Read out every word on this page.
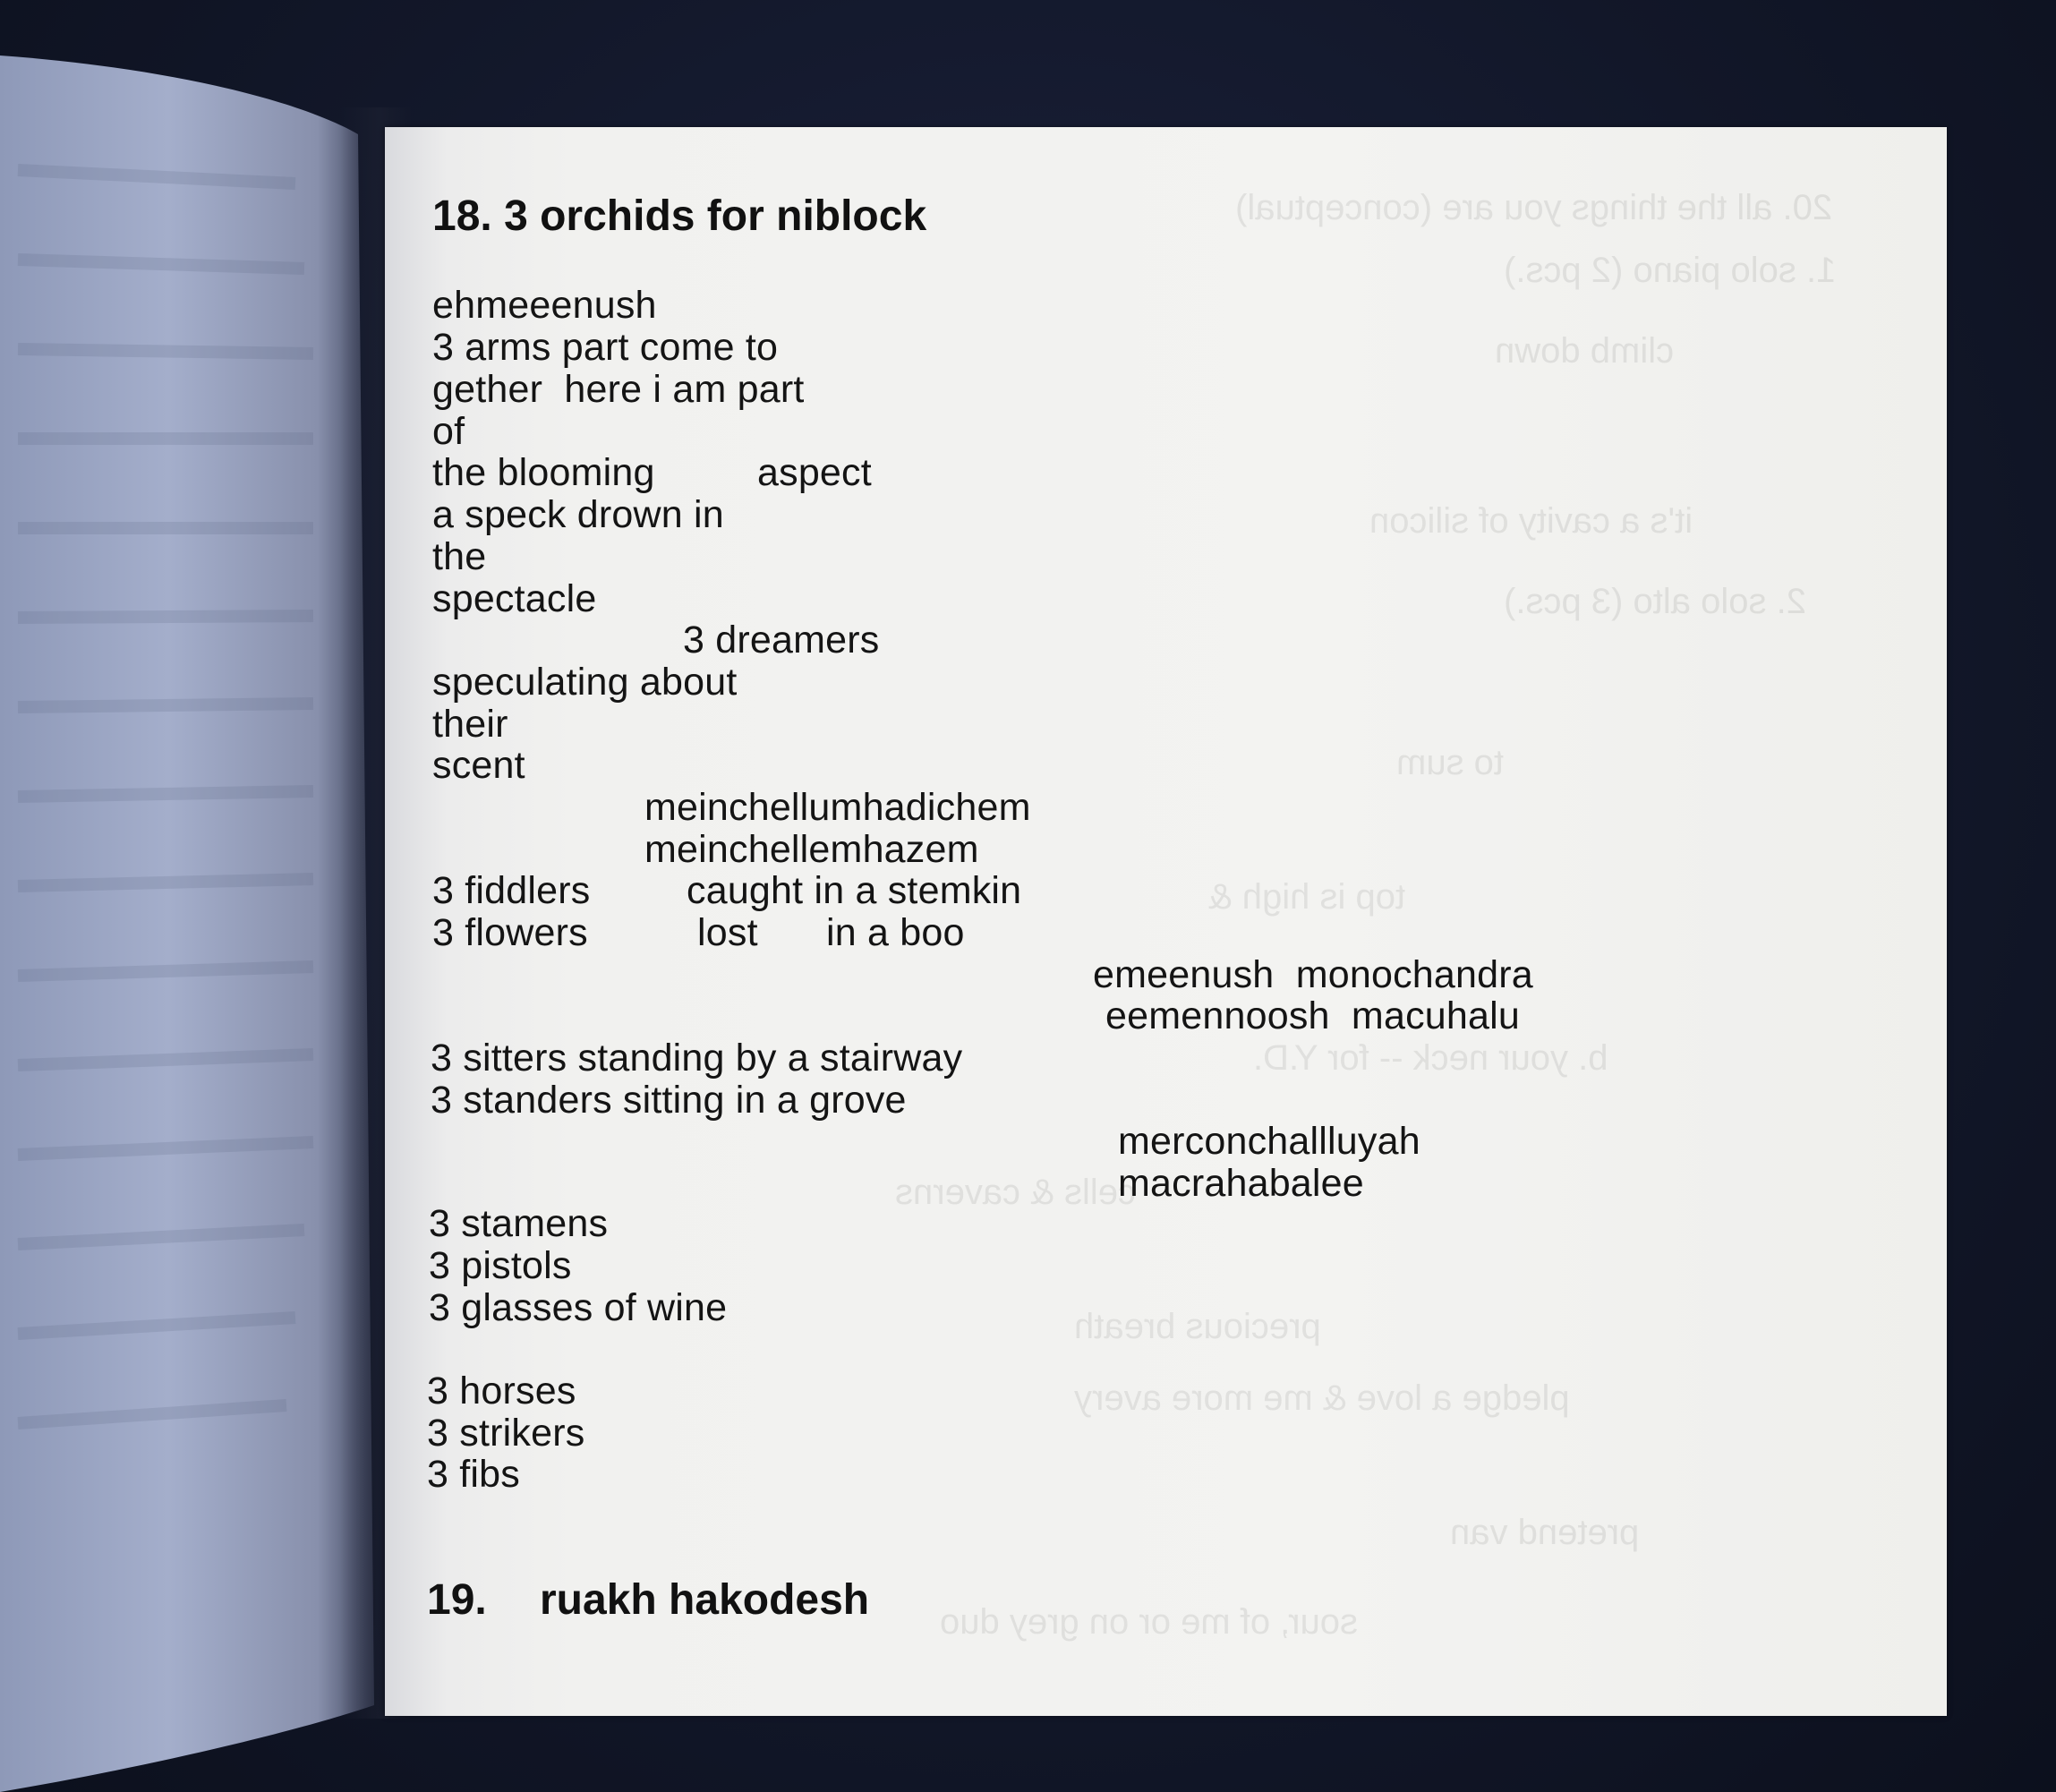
20. all the things you are (conceptual)
1. solo piano (2 pcs.)
climb down
it's a cavity of silicon
2. solo alto (3 pcs.)
to sum
top is high &
b. your neck -- for Y.D.
cells & caverns
precious breath
pledge a love & me more avery
pretend van
sour, of me or on grey duo
18. 3 orchids for niblock
ehmeeenush
3 arms part come to
gether  here i am part
of
the blooming	aspect
a speck drown in
the
spectacle
3 dreamers
speculating about
their
scent
meinchellumhadichem
meinchellemhazem
3 fiddlers	caught in a stemkin
3 flowers	lost in a boo
emeenush  monochandra
eemennoosh  macuhalu
3 sitters standing by a stairway
3 standers sitting in a grove
merconchallluyah
macrahabalee
3 stamens
3 pistols
3 glasses of wine
3 horses
3 strikers
3 fibs
19. ruakh hakodesh
